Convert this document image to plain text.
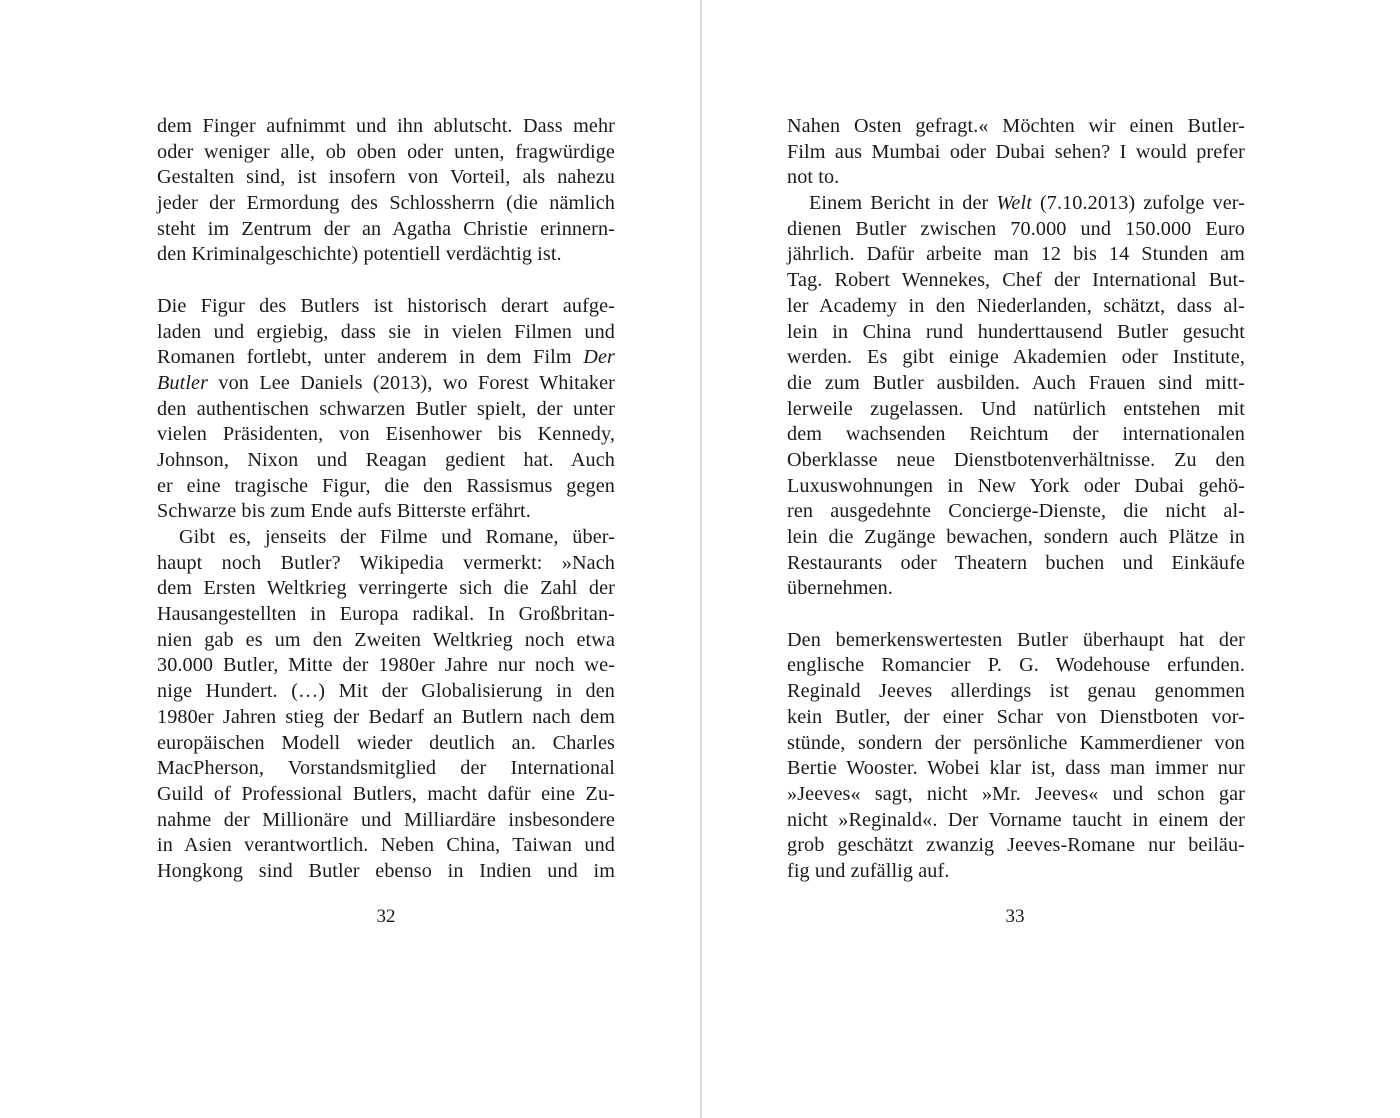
dem Finger aufnimmt und ihn ablutscht. Dass mehr
oder weniger alle, ob oben oder unten, fragwürdige
Gestalten sind, ist insofern von Vorteil, als nahezu
jeder der Ermordung des Schlossherrn (die nämlich
steht im Zentrum der an Agatha Christie erinnern-
den Kriminalgeschichte) potentiell verdächtig ist.
Die Figur des Butlers ist historisch derart aufge-
laden und ergiebig, dass sie in vielen Filmen und
Romanen fortlebt, unter anderem in dem Film Der
Butler von Lee Daniels (2013), wo Forest Whitaker
den authentischen schwarzen Butler spielt, der unter
vielen Präsidenten, von Eisenhower bis Kennedy,
Johnson, Nixon und Reagan gedient hat. Auch
er eine tragische Figur, die den Rassismus gegen
Schwarze bis zum Ende aufs Bitterste erfährt.
Gibt es, jenseits der Filme und Romane, über-
haupt noch Butler? Wikipedia vermerkt: »Nach
dem Ersten Weltkrieg verringerte sich die Zahl der
Hausangestellten in Europa radikal. In Großbritan-
nien gab es um den Zweiten Weltkrieg noch etwa
30.000 Butler, Mitte der 1980er Jahre nur noch we-
nige Hundert. (…) Mit der Globalisierung in den
1980er Jahren stieg der Bedarf an Butlern nach dem
europäischen Modell wieder deutlich an. Charles
MacPherson, Vorstandsmitglied der International
Guild of Professional Butlers, macht dafür eine Zu-
nahme der Millionäre und Milliardäre insbesondere
in Asien verantwortlich. Neben China, Taiwan und
Hongkong sind Butler ebenso in Indien und im
32
Nahen Osten gefragt.« Möchten wir einen Butler-
Film aus Mumbai oder Dubai sehen? I would prefer
not to.
Einem Bericht in der Welt (7.10.2013) zufolge ver-
dienen Butler zwischen 70.000 und 150.000 Euro
jährlich. Dafür arbeite man 12 bis 14 Stunden am
Tag. Robert Wennekes, Chef der International But-
ler Academy in den Niederlanden, schätzt, dass al-
lein in China rund hunderttausend Butler gesucht
werden. Es gibt einige Akademien oder Institute,
die zum Butler ausbilden. Auch Frauen sind mitt-
lerweile zugelassen. Und natürlich entstehen mit
dem wachsenden Reichtum der internationalen
Oberklasse neue Dienstbotenverhältnisse. Zu den
Luxuswohnungen in New York oder Dubai gehö-
ren ausgedehnte Concierge-Dienste, die nicht al-
lein die Zugänge bewachen, sondern auch Plätze in
Restaurants oder Theatern buchen und Einkäufe
übernehmen.
Den bemerkenswertesten Butler überhaupt hat der
englische Romancier P. G. Wodehouse erfunden.
Reginald Jeeves allerdings ist genau genommen
kein Butler, der einer Schar von Dienstboten vor-
stünde, sondern der persönliche Kammerdiener von
Bertie Wooster. Wobei klar ist, dass man immer nur
»Jeeves« sagt, nicht »Mr. Jeeves« und schon gar
nicht »Reginald«. Der Vorname taucht in einem der
grob geschätzt zwanzig Jeeves-Romane nur beiläu-
fig und zufällig auf.
33
